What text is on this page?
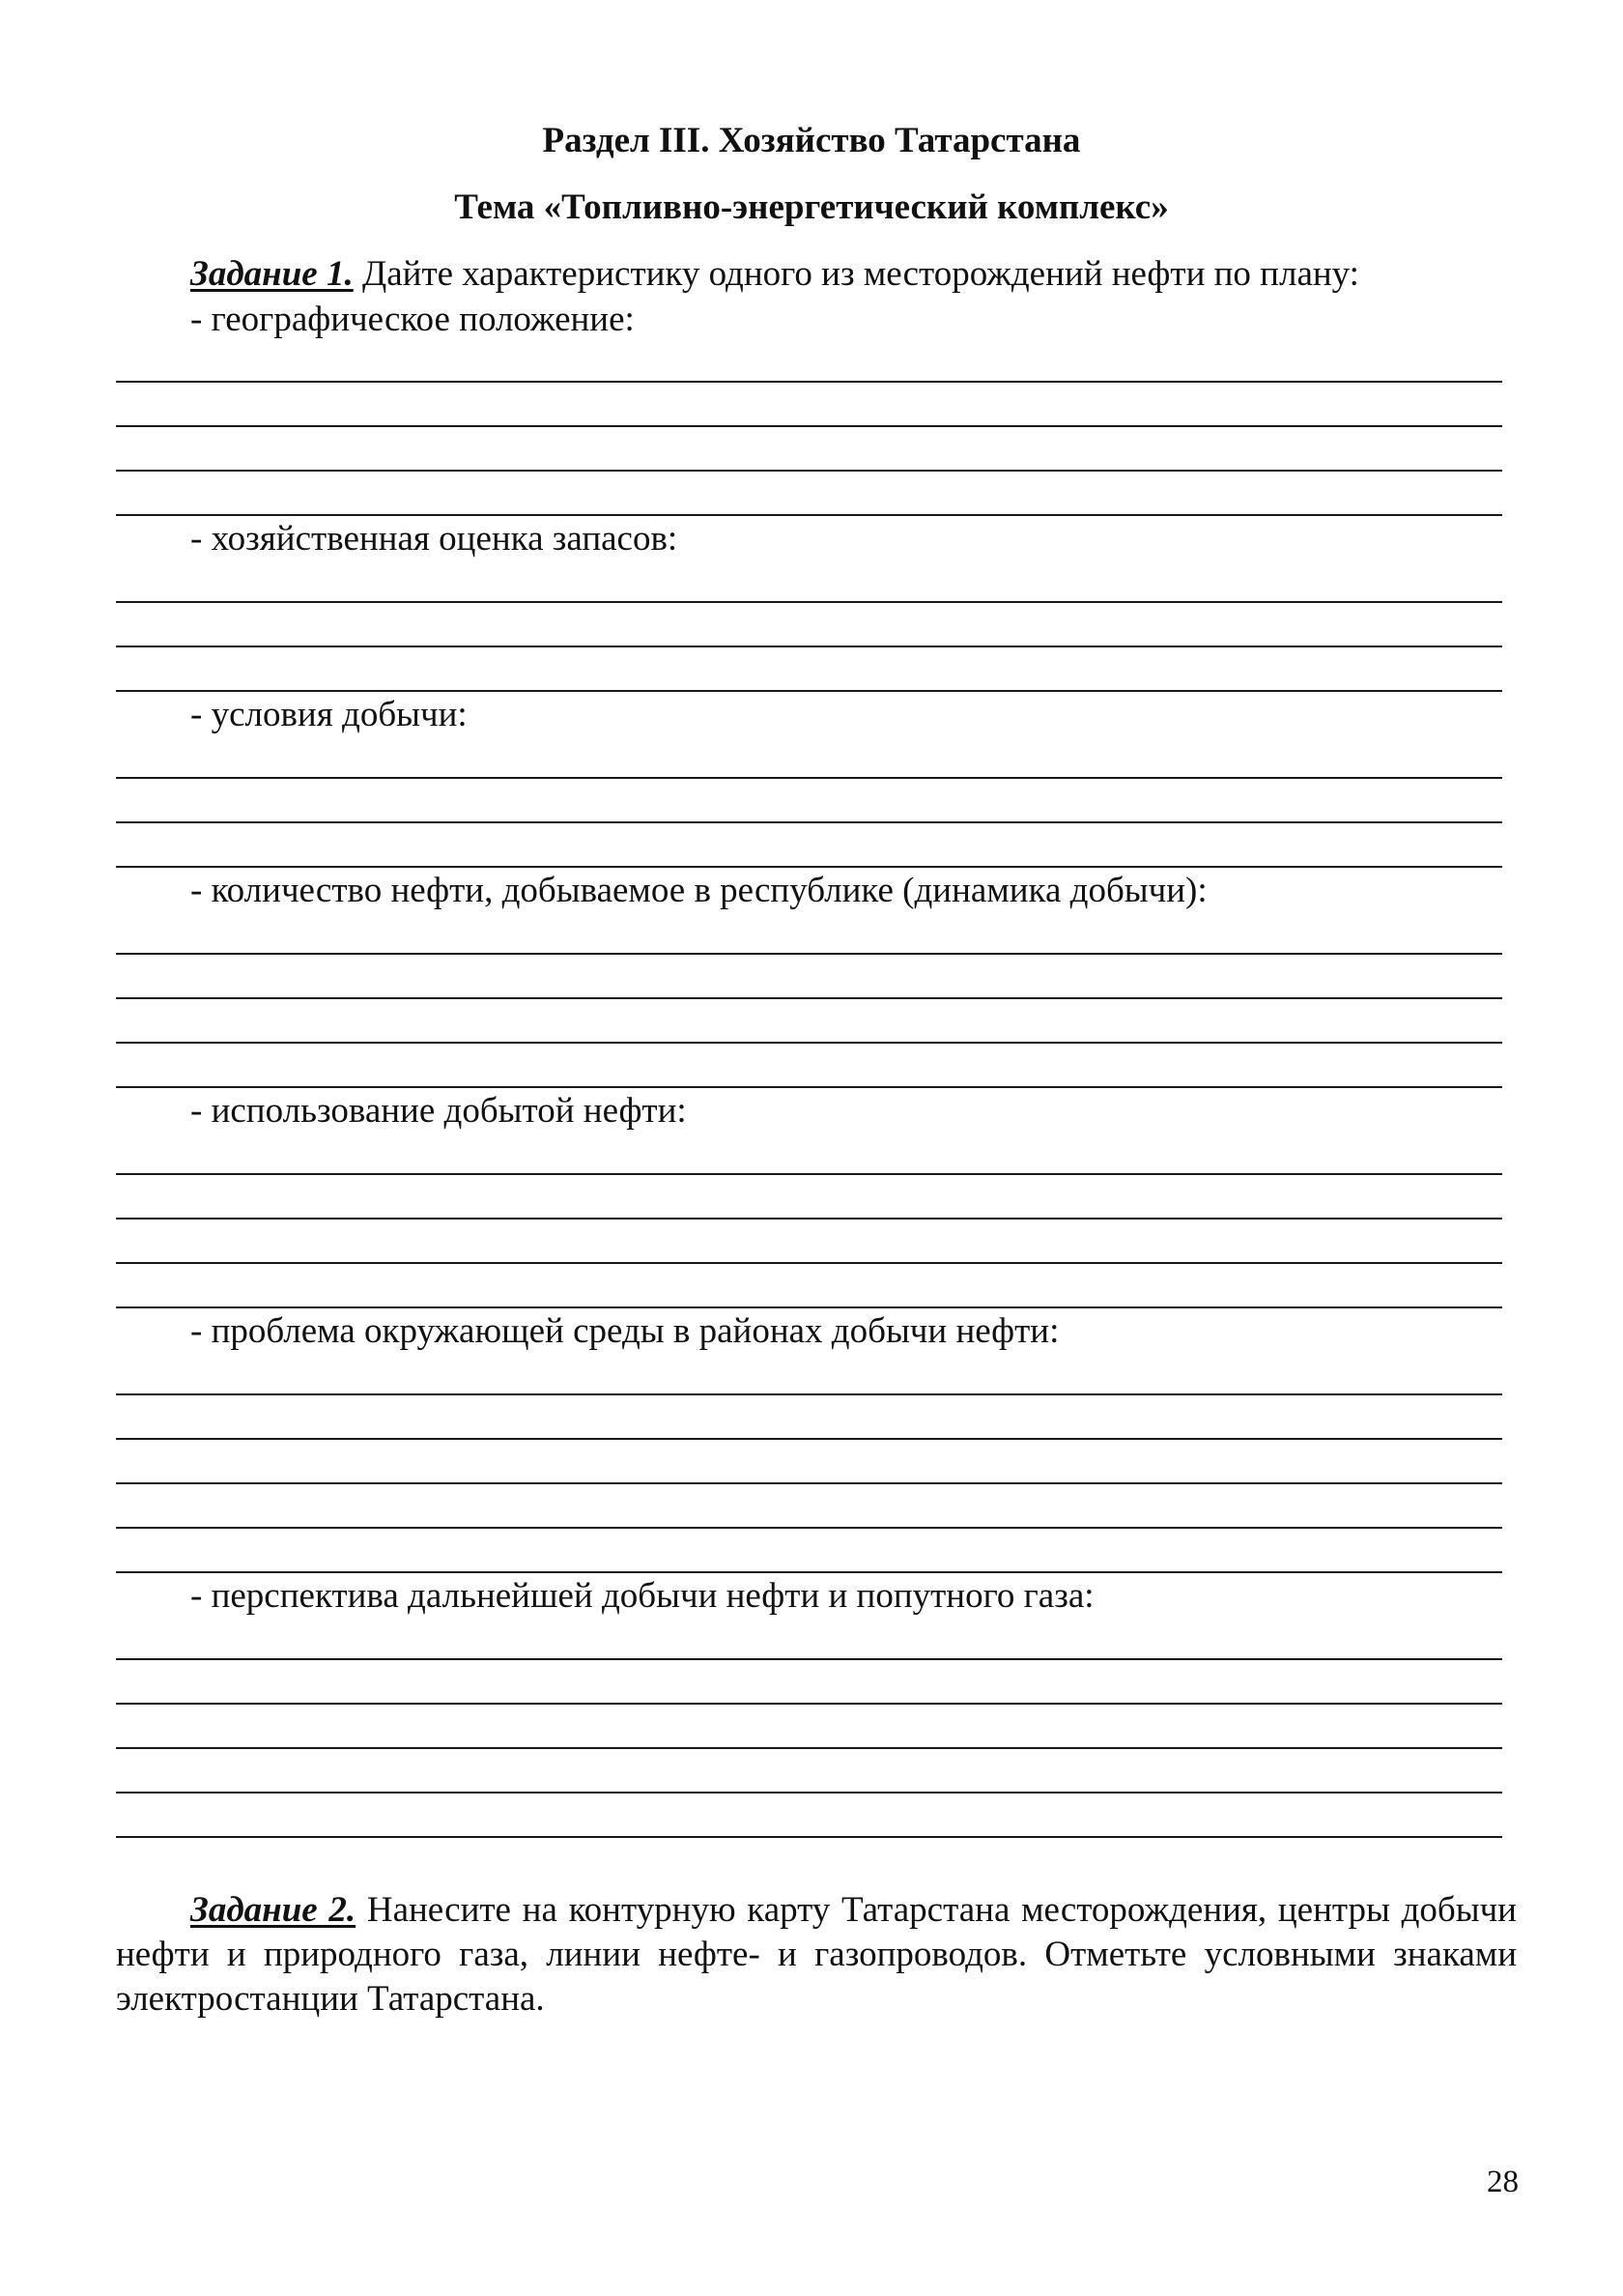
Раздел III. Хозяйство Татарстана
Тема «Топливно-энергетический комплекс»
Задание 1. Дайте характеристику одного из месторождений нефти по плану:
- географическое положение:
- хозяйственная оценка запасов:
- условия добычи:
- количество нефти, добываемое в республике (динамика добычи):
- использование добытой нефти:
- проблема окружающей среды в районах добычи нефти:
- перспектива дальнейшей добычи нефти и попутного газа:
Задание 2. Нанесите на контурную карту Татарстана месторождения, центры добычи нефти и природного газа, линии нефте- и газопроводов. Отметьте условными знаками электростанции Татарстана.
28
